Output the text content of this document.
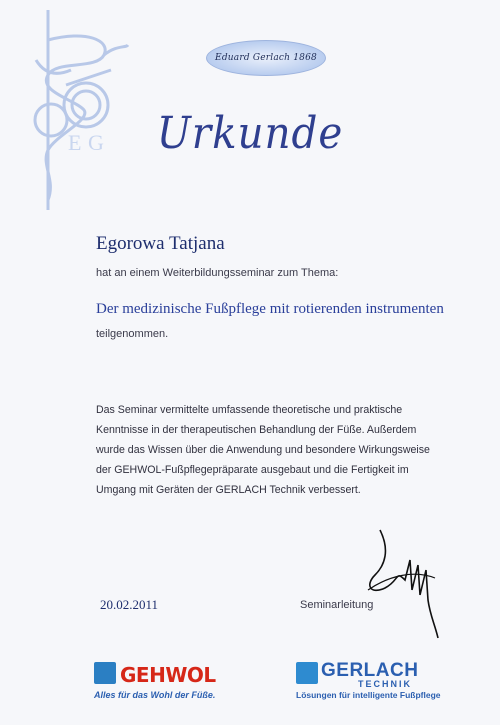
E G
Eduard Gerlach 1868
Urkunde
Egorowa Tatjana
hat an einem Weiterbildungsseminar zum Thema:
Der medizinische Fußpflege mit rotierenden instrumenten
teilgenommen.
Das Seminar vermittelte umfassende theoretische und praktische
Kenntnisse in der therapeutischen Behandlung der Füße. Außerdem
wurde das Wissen über die Anwendung und besondere Wirkungsweise
der GEHWOL-Fußpflegepräparate ausgebaut und die Fertigkeit im
Umgang mit Geräten der GERLACH Technik verbessert.
20.02.2011	Seminarleitung
GEHWOL
Alles für das Wohl der Füße.
GERLACH
TECHNIK
Lösungen für intelligente Fußpflege
